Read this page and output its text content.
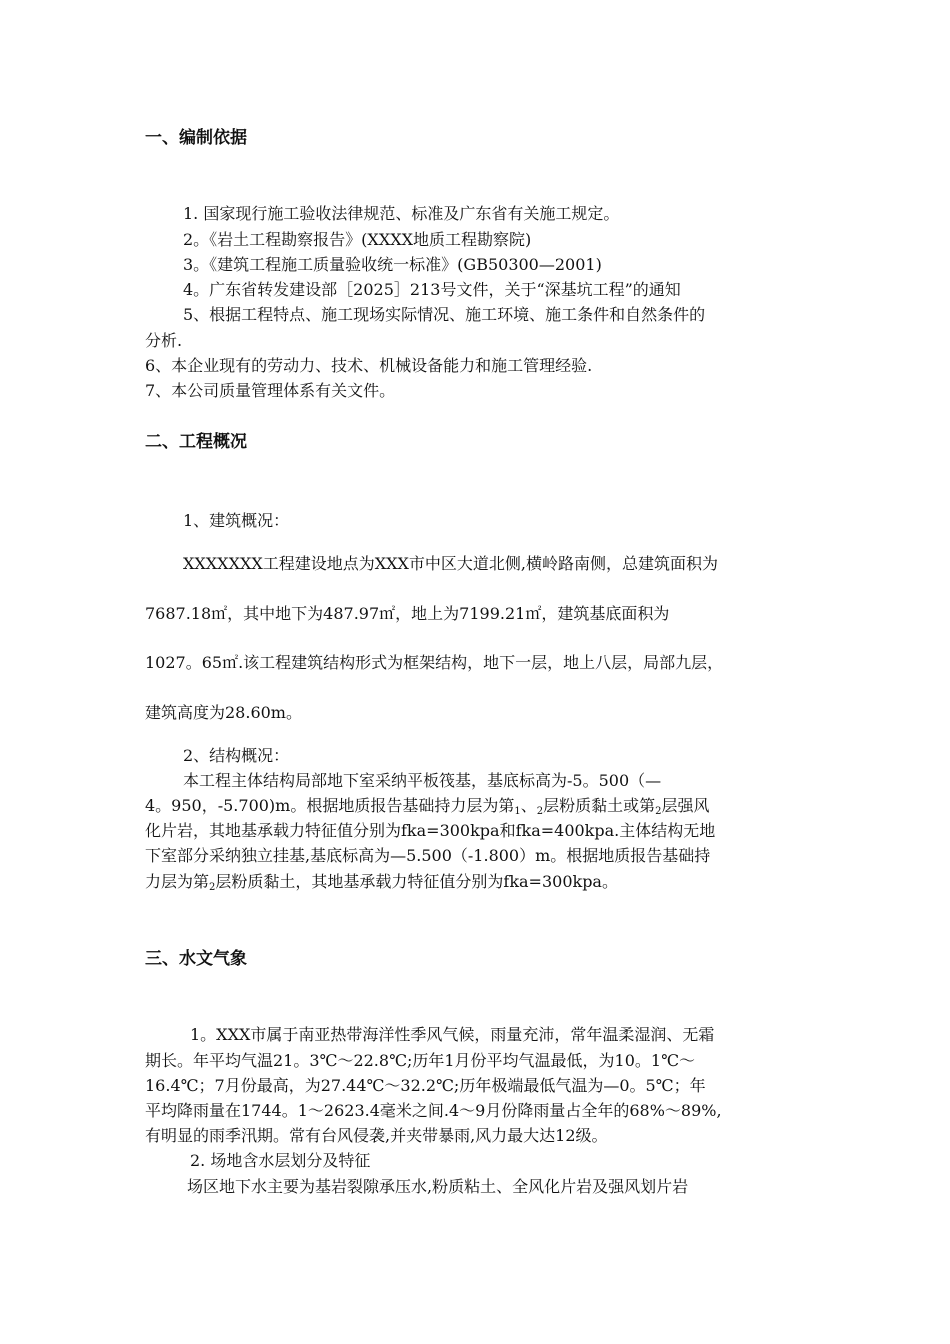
一、编制依据
1. 国家现行施工验收法律规范、标准及广东省有关施工规定。
2。《岩土工程勘察报告》(XXXX地质工程勘察院)
3。《建筑工程施工质量验收统一标准》(GB50300—2001)
4。广东省转发建设部［2025］213号文件，关于“深基坑工程”的通知
5、根据工程特点、施工现场实际情况、施工环境、施工条件和自然条件的
分析.
6、本企业现有的劳动力、技术、机械设备能力和施工管理经验.
7、本公司质量管理体系有关文件。
二、工程概况
1、建筑概况：
XXXXXXX工程建设地点为XXX市中区大道北侧,横岭路南侧，总建筑面积为
7687.18㎡，其中地下为487.97㎡，地上为7199.21㎡，建筑基底面积为
1027。65㎡.该工程建筑结构形式为框架结构，地下一层，地上八层，局部九层，
建筑高度为28.60m。
2、结构概况：
本工程主体结构局部地下室采纳平板筏基，基底标高为-5。500（—
4。950，-5.700)m。根据地质报告基础持力层为第$_1$、$_2$层粉质黏土或第$_2$层强风
化片岩，其地基承载力特征值分别为fka=300kpa和fka=400kpa.主体结构无地
下室部分采纳独立挂基,基底标高为—5.500（-1.800）m。根据地质报告基础持
力层为第$_2$层粉质黏土，其地基承载力特征值分别为fka=300kpa。
三、水文气象
1。XXX市属于南亚热带海洋性季风气候，雨量充沛，常年温柔湿润、无霜
期长。年平均气温21。3℃～22.8℃;历年1月份平均气温最低，为10。1℃～
16.4℃；7月份最高，为27.44℃～32.2℃;历年极端最低气温为—0。5℃；年
平均降雨量在1744。1～2623.4毫米之间.4～9月份降雨量占全年的68%～89%,
有明显的雨季汛期。常有台风侵袭,并夹带暴雨,风力最大达12级。
2. 场地含水层划分及特征
场区地下水主要为基岩裂隙承压水,粉质粘土、全风化片岩及强风划片岩
